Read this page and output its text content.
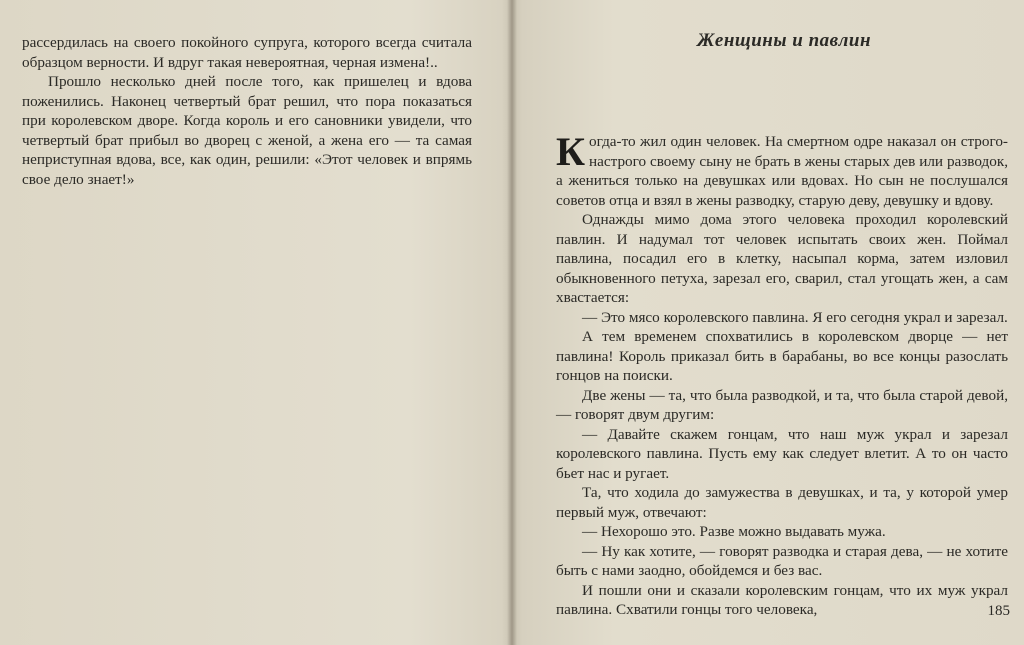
рассердилась на своего покойного супруга, которого всегда считала образцом верности. И вдруг такая невероятная, черная измена!..

Прошло несколько дней после того, как пришелец и вдова поженились. Наконец четвертый брат решил, что пора показаться при королевском дворе. Когда король и его сановники увидели, что четвертый брат прибыл во дворец с женой, а жена его — та самая неприступная вдова, все, как один, решили: «Этот человек и впрямь свое дело знает!»

Женщины и павлин

Когда-то жил один человек. На смертном одре наказал он строго-настрого своему сыну не брать в жены старых дев или разводок, а жениться только на девушках или вдовах. Но сын не послушался советов отца и взял в жены разводку, старую деву, девушку и вдову.

Однажды мимо дома этого человека проходил королевский павлин. И надумал тот человек испытать своих жен. Поймал павлина, посадил его в клетку, насыпал корма, затем изловил обыкновенного петуха, зарезал его, сварил, стал угощать жен, а сам хвастается:

— Это мясо королевского павлина. Я его сегодня украл и зарезал.

А тем временем спохватились в королевском дворце — нет павлина! Король приказал бить в барабаны, во все концы разослать гонцов на поиски.

Две жены — та, что была разводкой, и та, что была старой девой, — говорят двум другим:

— Давайте скажем гонцам, что наш муж украл и зарезал королевского павлина. Пусть ему как следует влетит. А то он часто бьет нас и ругает.

Та, что ходила до замужества в девушках, и та, у которой умер первый муж, отвечают:

— Нехорошо это. Разве можно выдавать мужа.

— Ну как хотите, — говорят разводка и старая дева, — не хотите быть с нами заодно, обойдемся и без вас.

И пошли они и сказали королевским гонцам, что их муж украл павлина. Схватили гонцы того человека,	185
